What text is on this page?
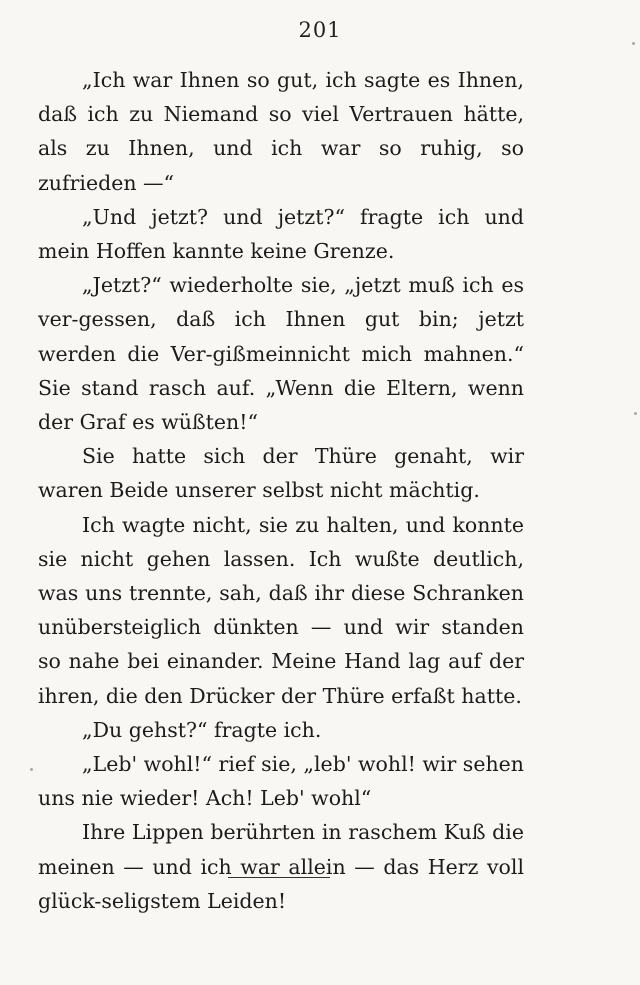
201

„Ich war Ihnen so gut, ich sagte es Ihnen, daß ich zu Niemand so viel Vertrauen hätte, als zu Ihnen, und ich war so ruhig, so zufrieden —“

„Und jetzt? und jetzt?“ fragte ich und mein Hoffen kannte keine Grenze.

„Jetzt?“ wiederholte sie, „jetzt muß ich es ver-gessen, daß ich Ihnen gut bin; jetzt werden die Ver-gißmeinnicht mich mahnen.“ Sie stand rasch auf. „Wenn die Eltern, wenn der Graf es wüßten!“

Sie hatte sich der Thüre genaht, wir waren Beide unserer selbst nicht mächtig.

Ich wagte nicht, sie zu halten, und konnte sie nicht gehen lassen. Ich wußte deutlich, was uns trennte, sah, daß ihr diese Schranken unübersteiglich dünkten — und wir standen so nahe bei einander. Meine Hand lag auf der ihren, die den Drücker der Thüre erfaßt hatte.

„Du gehst?“ fragte ich.

„Leb' wohl!“ rief sie, „leb' wohl! wir sehen uns nie wieder! Ach! Leb' wohl“

Ihre Lippen berührten in raschem Kuß die meinen — und ich war allein — das Herz voll glück-seligstem Leiden!
